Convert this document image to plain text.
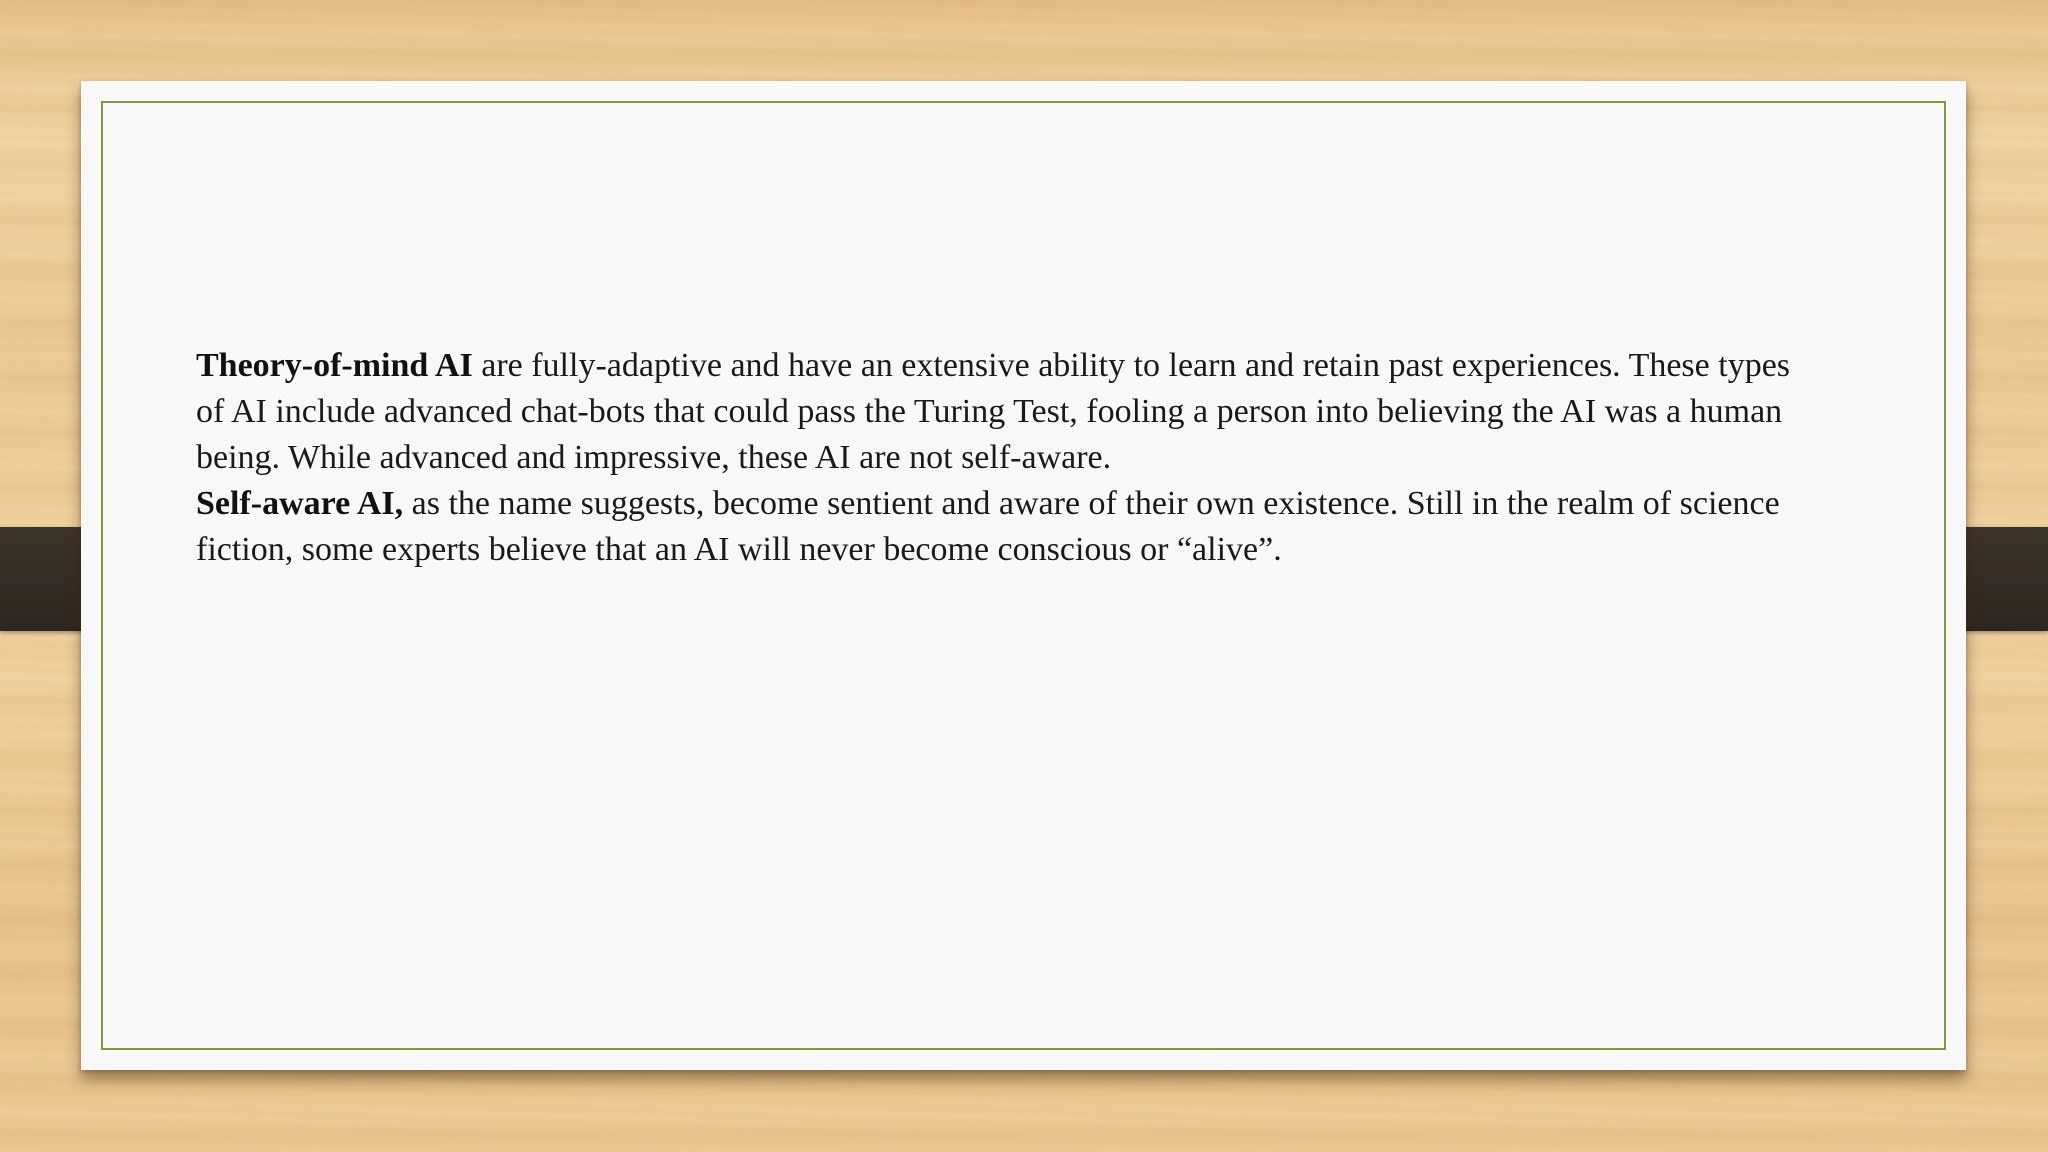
Theory-of-mind AI are fully-adaptive and have an extensive ability to learn and retain past experiences. These types of AI include advanced chat-bots that could pass the Turing Test, fooling a person into believing the AI was a human being. While advanced and impressive, these AI are not self-aware.

Self-aware AI, as the name suggests, become sentient and aware of their own existence. Still in the realm of science fiction, some experts believe that an AI will never become conscious or “alive”.
